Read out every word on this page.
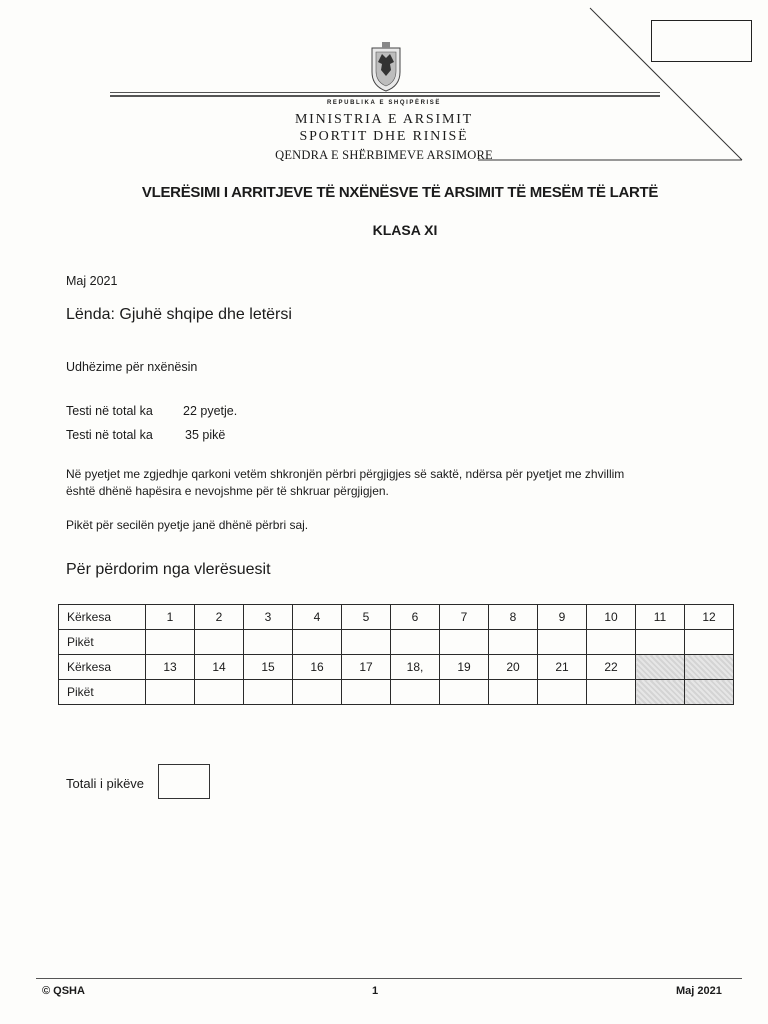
REPUBLIKA E SHQIPËRISË
MINISTRIA E ARSIMIT
SPORTIT DHE RINISË
QENDRA E SHËRBIMEVE ARSIMORE
VLERËSIMI I ARRITJEVE TË NXËNËSVE TË ARSIMIT TË MESËM TË LARTË
KLASA XI
Maj 2021
Lënda: Gjuhë shqipe dhe letërsi
Udhëzime për nxënësin
Testi në total ka 22 pyetje.
Testi në total ka	35 pikë
Në pyetjet me zgjedhje qarkoni vetëm shkronjën përbri përgjigjes së saktë, ndërsa për pyetjet me zhvillim
është dhënë hapësira e nevojshme për të shkruar përgjigjen.
Pikët për secilën pyetje janë dhënë përbri saj.
Për përdorim nga vlerësuesit
Kërkesa	1	2	3	4	5	6	7	8	9	10	11	12
Pikët												
Kërkesa	13	14	15	16	17	18,	19	20	21	22		
Pikët												
Totali i pikëve
© QSHA	1	Maj 2021
